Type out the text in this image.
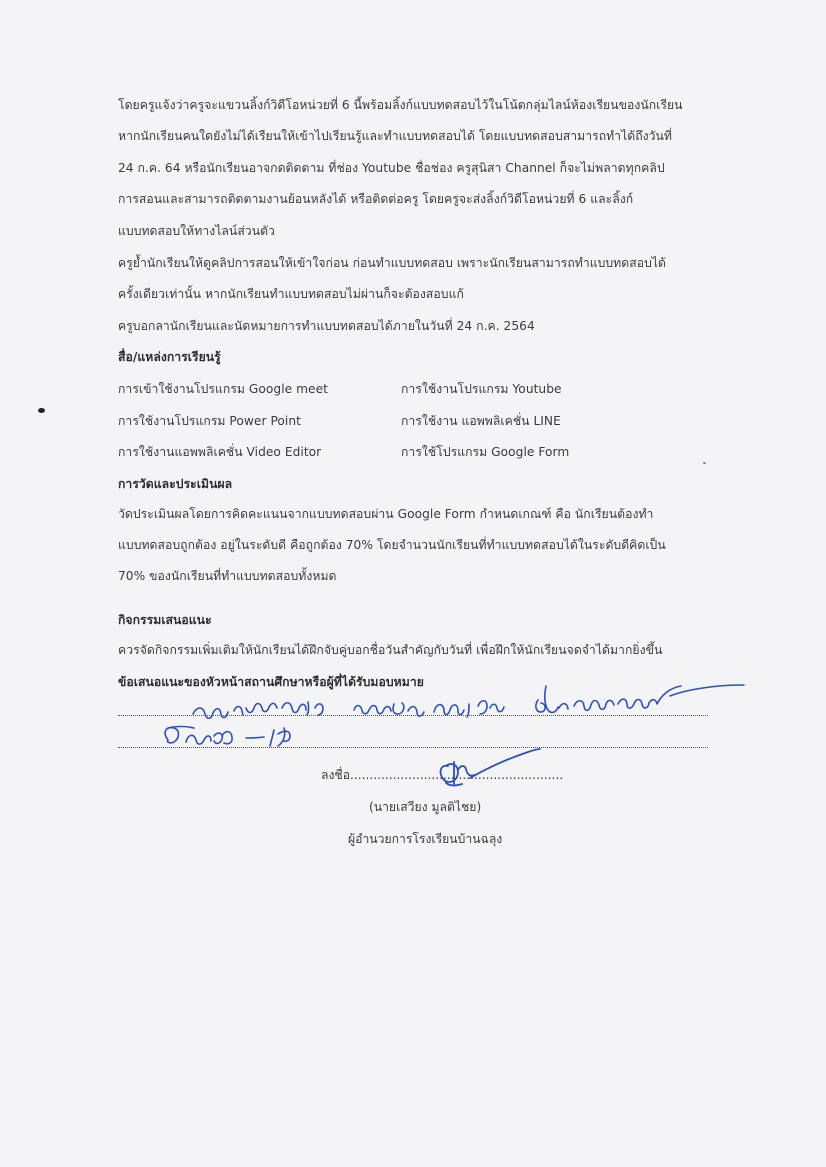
โดยครูแจ้งว่าครูจะแขวนลิ้งก์วิดีโอหน่วยที่ 6 นี้พร้อมลิ้งก์แบบทดสอบไว้ในโน้ตกลุ่มไลน์ห้องเรียนของนักเรียน
หากนักเรียนคนใดยังไม่ได้เรียนให้เข้าไปเรียนรู้และทำแบบทดสอบได้ โดยแบบทดสอบสามารถทำได้ถึงวันที่
24 ก.ค. 64 หรือนักเรียนอาจกดติดตาม ที่ช่อง Youtube ชื่อช่อง ครูสุนิสา Channel ก็จะไม่พลาดทุกคลิป
การสอนและสามารถติดตามงานย้อนหลังได้ หรือติดต่อครู โดยครูจะส่งลิ้งก์วิดีโอหน่วยที่ 6 และลิ้งก์
แบบทดสอบให้ทางไลน์ส่วนตัว
ครูย้ำนักเรียนให้ดูคลิปการสอนให้เข้าใจก่อน ก่อนทำแบบทดสอบ เพราะนักเรียนสามารถทำแบบทดสอบได้
ครั้งเดียวเท่านั้น หากนักเรียนทำแบบทดสอบไม่ผ่านก็จะต้องสอบแก้
ครูบอกลานักเรียนและนัดหมายการทำแบบทดสอบได้ภายในวันที่ 24 ก.ค. 2564
สื่อ/แหล่งการเรียนรู้
การเข้าใช้งานโปรแกรม Google meet	การใช้งานโปรแกรม Youtube
การใช้งานโปรแกรม Power Point	การใช้งาน แอพพลิเคชั่น LINE
การใช้งานแอพพลิเคชั่น Video Editor	การใช้โปรแกรม Google Form
การวัดและประเมินผล
วัดประเมินผลโดยการคิดคะแนนจากแบบทดสอบผ่าน Google Form กำหนดเกณฑ์ คือ นักเรียนต้องทำ
แบบทดสอบถูกต้อง อยู่ในระดับดี คือถูกต้อง 70% โดยจำนวนนักเรียนที่ทำแบบทดสอบได้ในระดับดีคิดเป็น
70% ของนักเรียนที่ทำแบบทดสอบทั้งหมด
กิจกรรมเสนอแนะ
ควรจัดกิจกรรมเพิ่มเติมให้นักเรียนได้ฝึกจับคู่บอกชื่อวันสำคัญกับวันที่ เพื่อฝึกให้นักเรียนจดจำได้มากยิ่งขึ้น
ข้อเสนอแนะของหัวหน้าสถานศึกษาหรือผู้ที่ได้รับมอบหมาย
ลงชื่อ.......................................................
(นายเสวียง มูลติไชย)
ผู้อำนวยการโรงเรียนบ้านฉลุง
